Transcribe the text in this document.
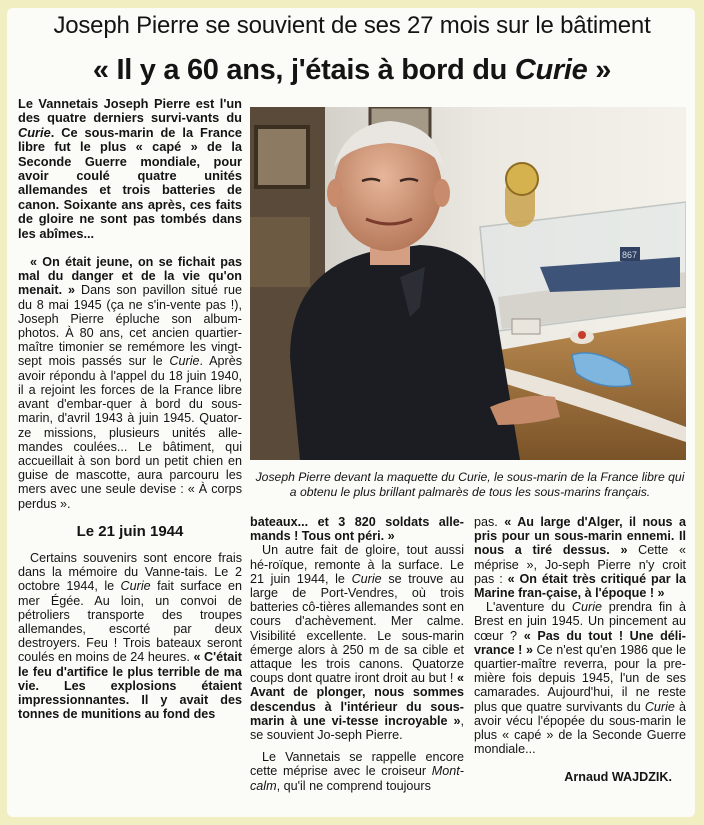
Joseph Pierre se souvient de ses 27 mois sur le bâtiment
« Il y a 60 ans, j'étais à bord du Curie »

Le Vannetais Joseph Pierre est l'un des quatre derniers survi-vants du Curie. Ce sous-marin de la France libre fut le plus « capé » de la Seconde Guerre mondiale, pour avoir coulé quatre unités allemandes et trois batteries de canon. Soixante ans après, ces faits de gloire ne sont pas tombés dans les abîmes...

« On était jeune, on se fichait pas mal du danger et de la vie qu'on menait. » Dans son pavillon situé rue du 8 mai 1945 (ça ne s'in-vente pas !), Joseph Pierre épluche son album-photos. À 80 ans, cet ancien quartier-maître timonier se remémore les vingt-sept mois passés sur le Curie. Après avoir répondu à l'appel du 18 juin 1940, il a rejoint les forces de la France libre avant d'embar-quer à bord du sous-marin, d'avril 1943 à juin 1945. Quator-ze missions, plusieurs unités alle-mandes coulées... Le bâtiment, qui accueillait à son bord un petit chien en guise de mascotte, aura parcouru les mers avec une seule devise : « À corps perdus ».

Le 21 juin 1944

Certains souvenirs sont encore frais dans la mémoire du Vanne-tais. Le 2 octobre 1944, le Curie fait surface en mer Égée. Au loin, un convoi de pétroliers transporte des troupes allemandes, escorté par deux destroyers. Feu ! Trois bateaux seront coulés en moins de 24 heures. « C'était le feu d'artifice le plus terrible de ma vie. Les explosions étaient impressionnantes. Il y avait des tonnes de munitions au fond des

867
Joseph Pierre devant la maquette du Curie, le sous-marin de la France libre qui a obtenu le plus brillant palmarès de tous les sous-marins français.

bateaux... et 3 820 soldats alle-mands ! Tous ont péri. »

Un autre fait de gloire, tout aussi hé-roïque, remonte à la surface. Le 21 juin 1944, le Curie se trouve au large de Port-Vendres, où trois batteries cô-tières allemandes sont en cours d'achèvement. Mer calme. Visibilité excellente. Le sous-marin émerge alors à 250 m de sa cible et attaque les trois canons. Quatorze coups dont quatre iront droit au but ! « Avant de plonger, nous sommes descendus à l'intérieur du sous-marin à une vi-tesse incroyable », se souvient Jo-seph Pierre.

Le Vannetais se rappelle encore cette méprise avec le croiseur Mont-calm, qu'il ne comprend toujours

pas. « Au large d'Alger, il nous a pris pour un sous-marin ennemi. Il nous a tiré dessus. » Cette « méprise », Jo-seph Pierre n'y croit pas : « On était très critiqué par la Marine fran-çaise, à l'époque ! »

L'aventure du Curie prendra fin à Brest en juin 1945. Un pincement au cœur ? « Pas du tout ! Une déli-vrance ! » Ce n'est qu'en 1986 que le quartier-maître reverra, pour la pre-mière fois depuis 1945, l'un de ses camarades. Aujourd'hui, il ne reste plus que quatre survivants du Curie à avoir vécu l'épopée du sous-marin le plus « capé » de la Seconde Guerre mondiale...

Arnaud WAJDZIK.
